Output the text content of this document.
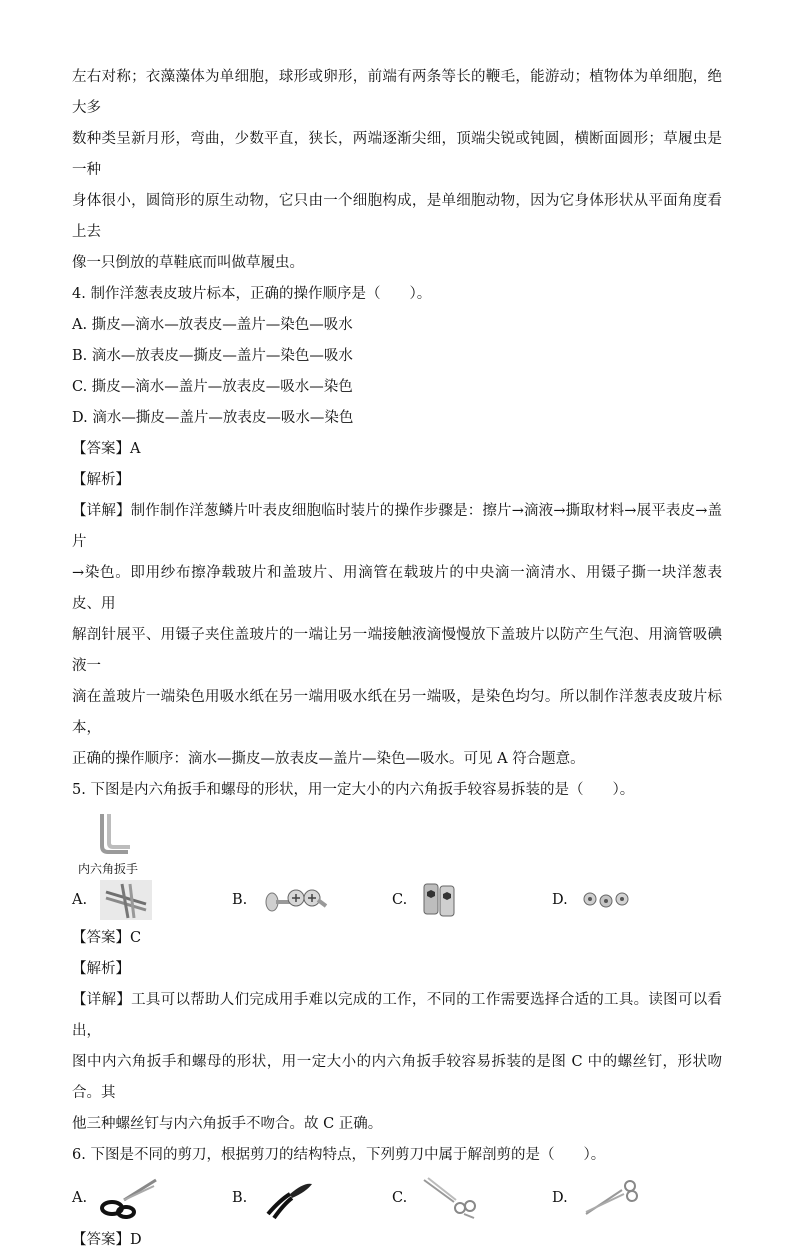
左右对称；衣藻藻体为单细胞，球形或卵形，前端有两条等长的鞭毛，能游动；植物体为单细胞，绝大多

数种类呈新月形，弯曲，少数平直，狭长，两端逐渐尖细，顶端尖锐或钝圆，横断面圆形；草履虫是一种

身体很小，圆筒形的原生动物，它只由一个细胞构成，是单细胞动物，因为它身体形状从平面角度看上去

像一只倒放的草鞋底而叫做草履虫。

4. 制作洋葱表皮玻片标本，正确的操作顺序是（　　）。

A. 撕皮—滴水—放表皮—盖片—染色—吸水

B. 滴水—放表皮—撕皮—盖片—染色—吸水

C. 撕皮—滴水—盖片—放表皮—吸水—染色

D. 滴水—撕皮—盖片—放表皮—吸水—染色

【答案】A

【解析】

【详解】制作制作洋葱鳞片叶表皮细胞临时装片的操作步骤是：擦片→滴液→撕取材料→展平表皮→盖片

→染色。即用纱布擦净载玻片和盖玻片、用滴管在载玻片的中央滴一滴清水、用镊子撕一块洋葱表皮、用

解剖针展平、用镊子夹住盖玻片的一端让另一端接触液滴慢慢放下盖玻片以防产生气泡、用滴管吸碘液一

滴在盖玻片一端染色用吸水纸在另一端用吸水纸在另一端吸，是染色均匀。所以制作洋葱表皮玻片标本，

正确的操作顺序：滴水—撕皮—放表皮—盖片—染色—吸水。可见 A 符合题意。

5. 下图是内六角扳手和螺母的形状，用一定大小的内六角扳手较容易拆装的是（　　）。

内六角扳手
A.	B.	C.	D.

【答案】C

【解析】

【详解】工具可以帮助人们完成用手难以完成的工作，不同的工作需要选择合适的工具。读图可以看出，

图中内六角扳手和螺母的形状，用一定大小的内六角扳手较容易拆装的是图 C 中的螺丝钉，形状吻合。其

他三种螺丝钉与内六角扳手不吻合。故 C 正确。

6. 下图是不同的剪刀，根据剪刀的结构特点，下列剪刀中属于解剖剪的是（　　）。

A.	B.	C.	D.

【答案】D
